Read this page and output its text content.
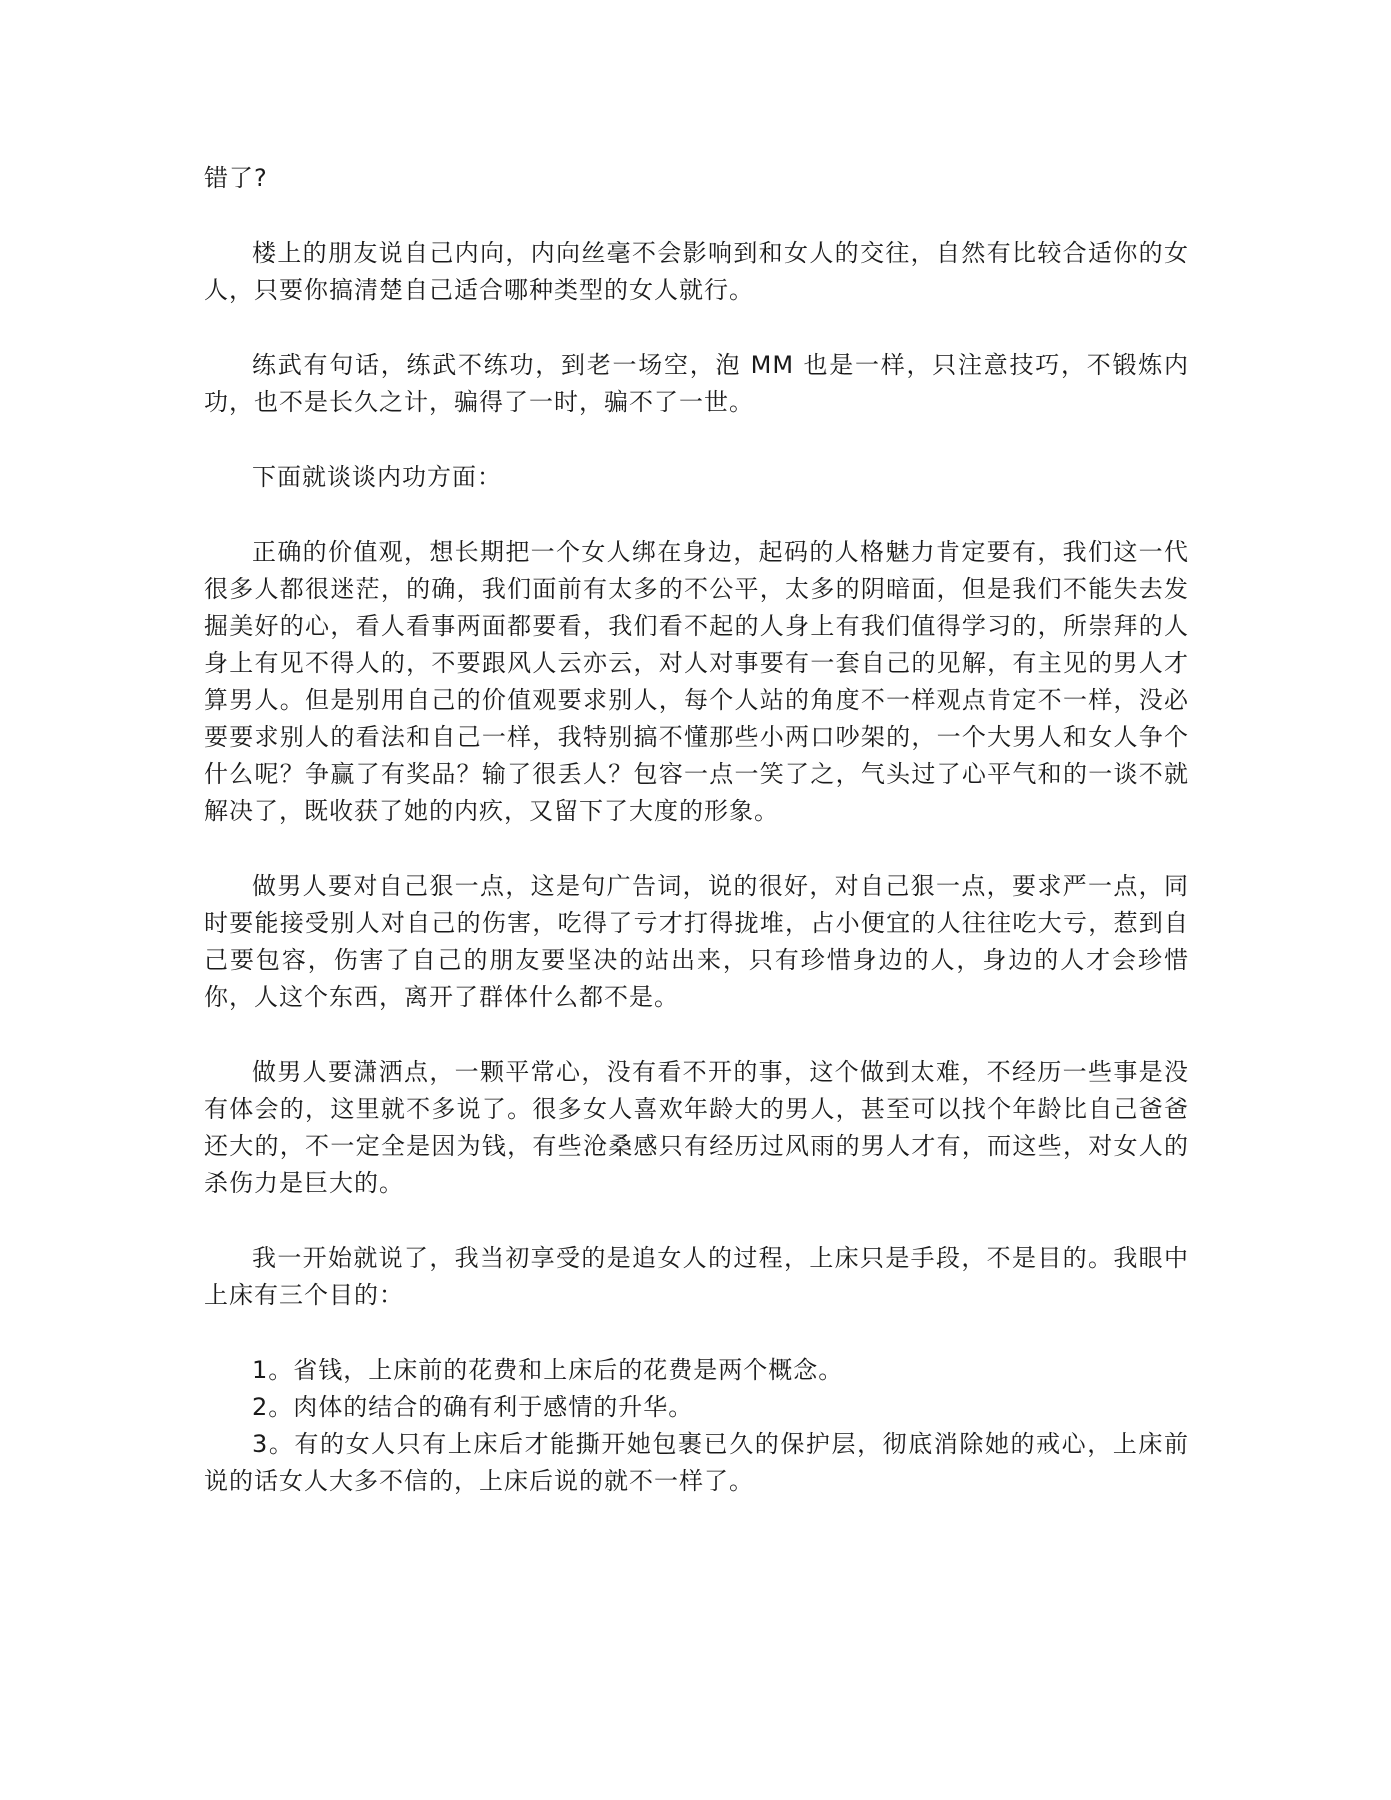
错了?

楼上的朋友说自己内向，内向丝毫不会影响到和女人的交往，自然有比较合适你的女人，只要你搞清楚自己适合哪种类型的女人就行。

练武有句话，练武不练功，到老一场空，泡 MM 也是一样，只注意技巧，不锻炼内功，也不是长久之计，骗得了一时，骗不了一世。

下面就谈谈内功方面：

正确的价值观，想长期把一个女人绑在身边，起码的人格魅力肯定要有，我们这一代很多人都很迷茫，的确，我们面前有太多的不公平，太多的阴暗面，但是我们不能失去发掘美好的心，看人看事两面都要看，我们看不起的人身上有我们值得学习的，所崇拜的人身上有见不得人的，不要跟风人云亦云，对人对事要有一套自己的见解，有主见的男人才算男人。但是别用自己的价值观要求别人，每个人站的角度不一样观点肯定不一样，没必要要求别人的看法和自己一样，我特别搞不懂那些小两口吵架的，一个大男人和女人争个什么呢？争赢了有奖品？输了很丢人？包容一点一笑了之，气头过了心平气和的一谈不就解决了，既收获了她的内疚，又留下了大度的形象。

做男人要对自己狠一点，这是句广告词，说的很好，对自己狠一点，要求严一点，同时要能接受别人对自己的伤害，吃得了亏才打得拢堆，占小便宜的人往往吃大亏，惹到自己要包容，伤害了自己的朋友要坚决的站出来，只有珍惜身边的人，身边的人才会珍惜你，人这个东西，离开了群体什么都不是。

做男人要潇洒点，一颗平常心，没有看不开的事，这个做到太难，不经历一些事是没有体会的，这里就不多说了。很多女人喜欢年龄大的男人，甚至可以找个年龄比自己爸爸还大的，不一定全是因为钱，有些沧桑感只有经历过风雨的男人才有，而这些，对女人的杀伤力是巨大的。

我一开始就说了，我当初享受的是追女人的过程，上床只是手段，不是目的。我眼中上床有三个目的：

1。省钱，上床前的花费和上床后的花费是两个概念。
2。肉体的结合的确有利于感情的升华。
3。有的女人只有上床后才能撕开她包裹已久的保护层，彻底消除她的戒心，上床前说的话女人大多不信的，上床后说的就不一样了。
